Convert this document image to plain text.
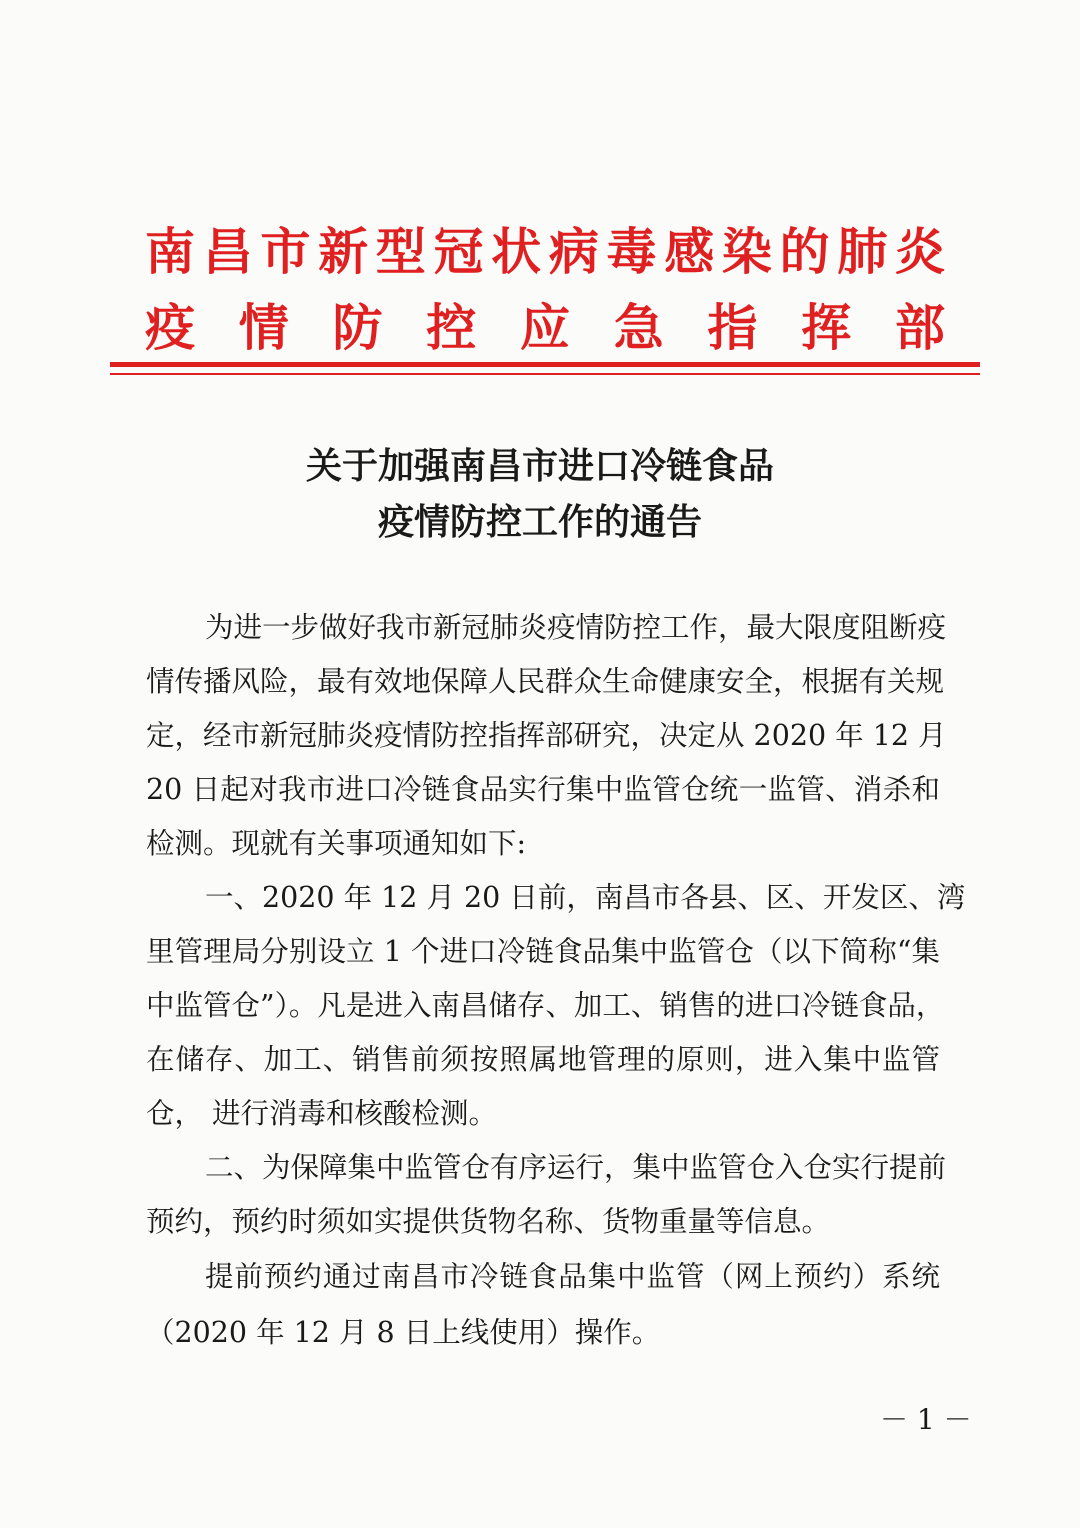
南昌市新型冠状病毒感染的肺炎
疫情防控应急指挥部
关于加强南昌市进口冷链食品
疫情防控工作的通告
为进一步做好我市新冠肺炎疫情防控工作，最大限度阻断疫
情传播风险，最有效地保障人民群众生命健康安全，根据有关规
定，经市新冠肺炎疫情防控指挥部研究，决定从 2020 年 12 月
20 日起对我市进口冷链食品实行集中监管仓统一监管、消杀和
检测。现就有关事项通知如下:
一、2020 年 12 月 20 日前，南昌市各县、区、开发区、湾
里管理局分别设立 1 个进口冷链食品集中监管仓（以下简称“集
中监管仓”）。凡是进入南昌储存、加工、销售的进口冷链食品，
在储存、加工、销售前须按照属地管理的原则，进入集中监管
仓， 进行消毒和核酸检测。
二、为保障集中监管仓有序运行，集中监管仓入仓实行提前
预约，预约时须如实提供货物名称、货物重量等信息。
提前预约通过南昌市冷链食品集中监管（网上预约）系统
（2020 年 12 月 8 日上线使用）操作。
－ 1 －
